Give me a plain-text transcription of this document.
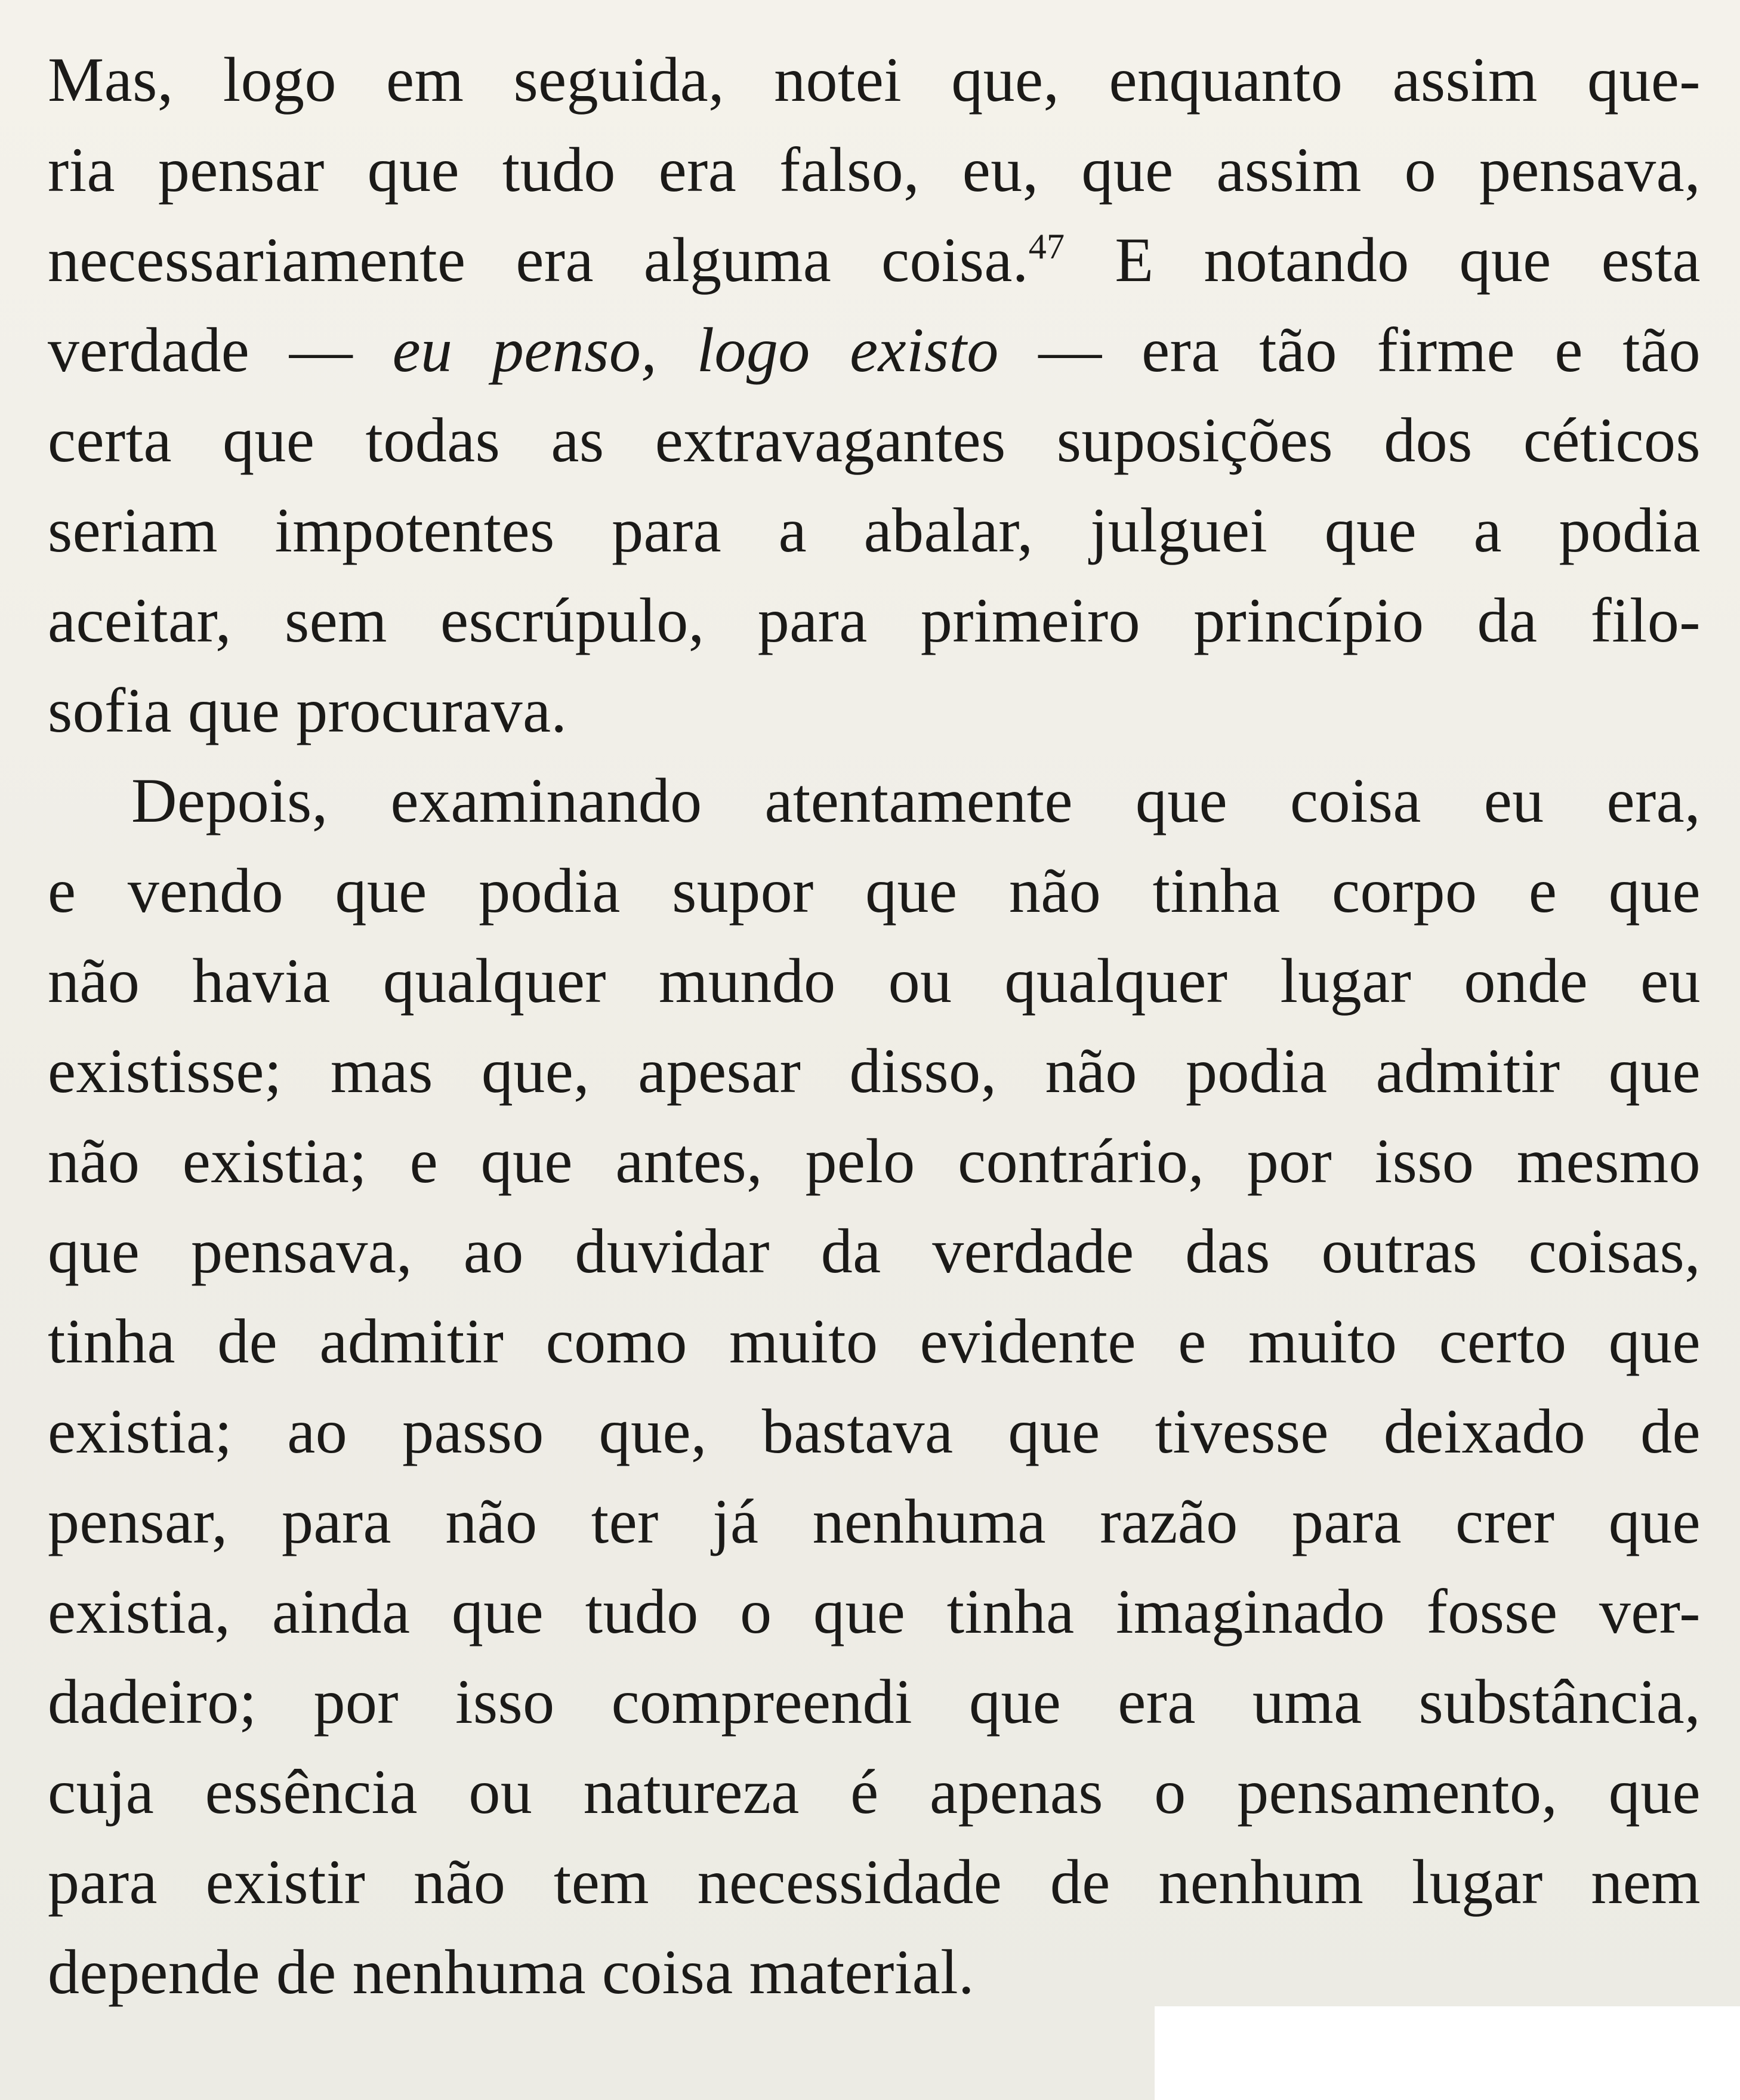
Mas, logo em seguida, notei que, enquanto assim que-
ria pensar que tudo era falso, eu, que assim o pensava,
necessariamente era alguma coisa.$^{47}$ E notando que esta
verdade — eu penso, logo existo — era tão firme e tão
certa que todas as extravagantes suposições dos céticos
seriam impotentes para a abalar, julguei que a podia
aceitar, sem escrúpulo, para primeiro princípio da filo-
sofia que procurava.

Depois, examinando atentamente que coisa eu era,
e vendo que podia supor que não tinha corpo e que
não havia qualquer mundo ou qualquer lugar onde eu
existisse; mas que, apesar disso, não podia admitir que
não existia; e que antes, pelo contrário, por isso mesmo
que pensava, ao duvidar da verdade das outras coisas,
tinha de admitir como muito evidente e muito certo que
existia; ao passo que, bastava que tivesse deixado de
pensar, para não ter já nenhuma razão para crer que
existia, ainda que tudo o que tinha imaginado fosse ver-
dadeiro; por isso compreendi que era uma substância,
cuja essência ou natureza é apenas o pensamento, que
para existir não tem necessidade de nenhum lugar nem
depende de nenhuma coisa material.
